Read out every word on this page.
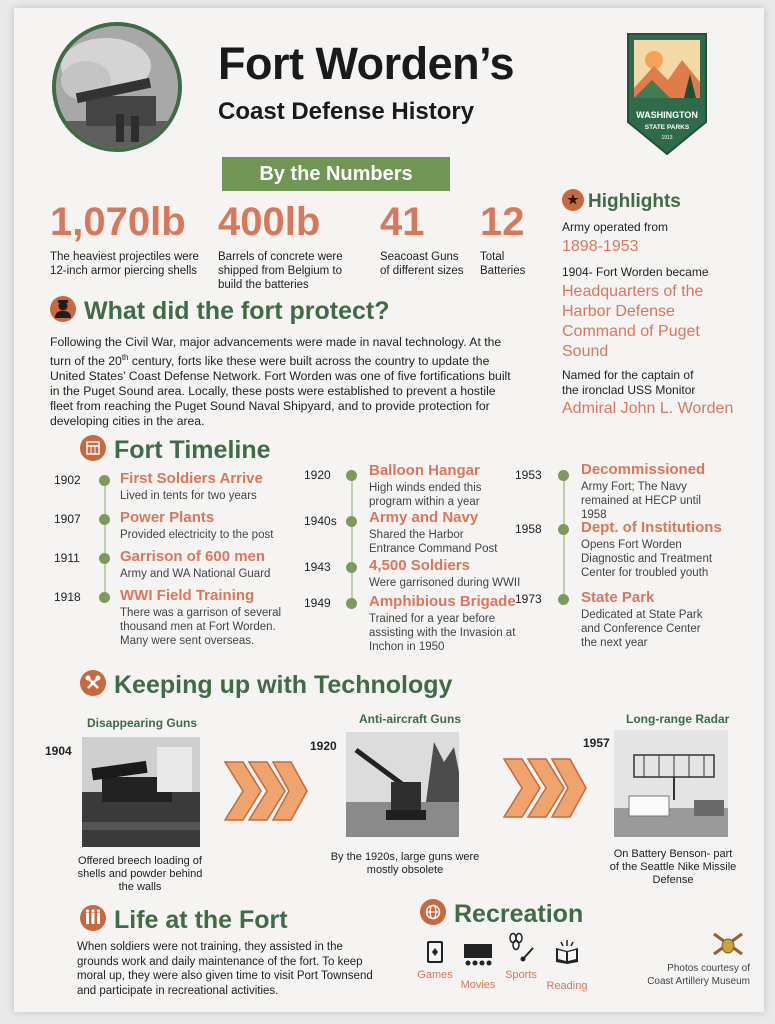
Fort Worden’s
Coast Defense History	WASHINGTON
STATE PARKS
1913
By the Numbers
1,070lb
The heaviest projectiles were 12-inch armor piercing shells
400lb
Barrels of concrete were shipped from Belgium to build the batteries
41
Seacoast Guns of different sizes
12
Total Batteries
★Highlights
Army operated from
1898-1953
1904- Fort Worden became
Headquarters of the Harbor Defense Command of Puget Sound
Named for the captain of the ironclad USS Monitor
Admiral John L. Worden
What did the fort protect?
Following the Civil War, major advancements were made in naval technology. At the turn of the 20th century, forts like these were built across the country to update the United States’ Coast Defense Network. Fort Worden was one of five fortifications built in the Puget Sound area. Locally, these posts were established to prevent a hostile fleet from reaching the Puget Sound Naval Shipyard, and to provide protection for developing cities in the area.
Fort Timeline
1902	First Soldiers Arrive
Lived in tents for two years
1907	Power Plants
Provided electricity to the post
1911	Garrison of 600 men
Army and WA National Guard
1918	WWI Field Training
There was a garrison of several thousand men at Fort Worden. Many were sent overseas.
1920	Balloon Hangar
High winds ended this program within a year
1940s Army and Navy
Shared the Harbor Entrance Command Post
1943	4,500 Soldiers
Were garrisoned during WWII
1949	Amphibious Brigade
Trained for a year before assisting with the Invasion at Inchon in 1950
1953	Decommissioned
Army Fort; The Navy remained at HECP until 1958
1958	Dept. of Institutions
Opens Fort Worden Diagnostic and Treatment Center for troubled youth
1973	State Park
Dedicated at State Park and Conference Center the next year
Keeping up with Technology
Disappearing Guns
1904
Offered breech loading of shells and powder behind the walls
Anti-aircraft Guns
1920
By the 1920s, large guns were mostly obsolete
Long-range Radar
1957
On Battery Benson- part of the Seattle Nike Missile Defense
Life at the Fort
When soldiers were not training, they assisted in the grounds work and daily maintenance of the fort. To keep moral up, they were also given time to visit Port Townsend and participate in recreational activities.
Recreation
Games
Movies
Sports
Reading
Photos courtesy of
Coast Artillery Museum
